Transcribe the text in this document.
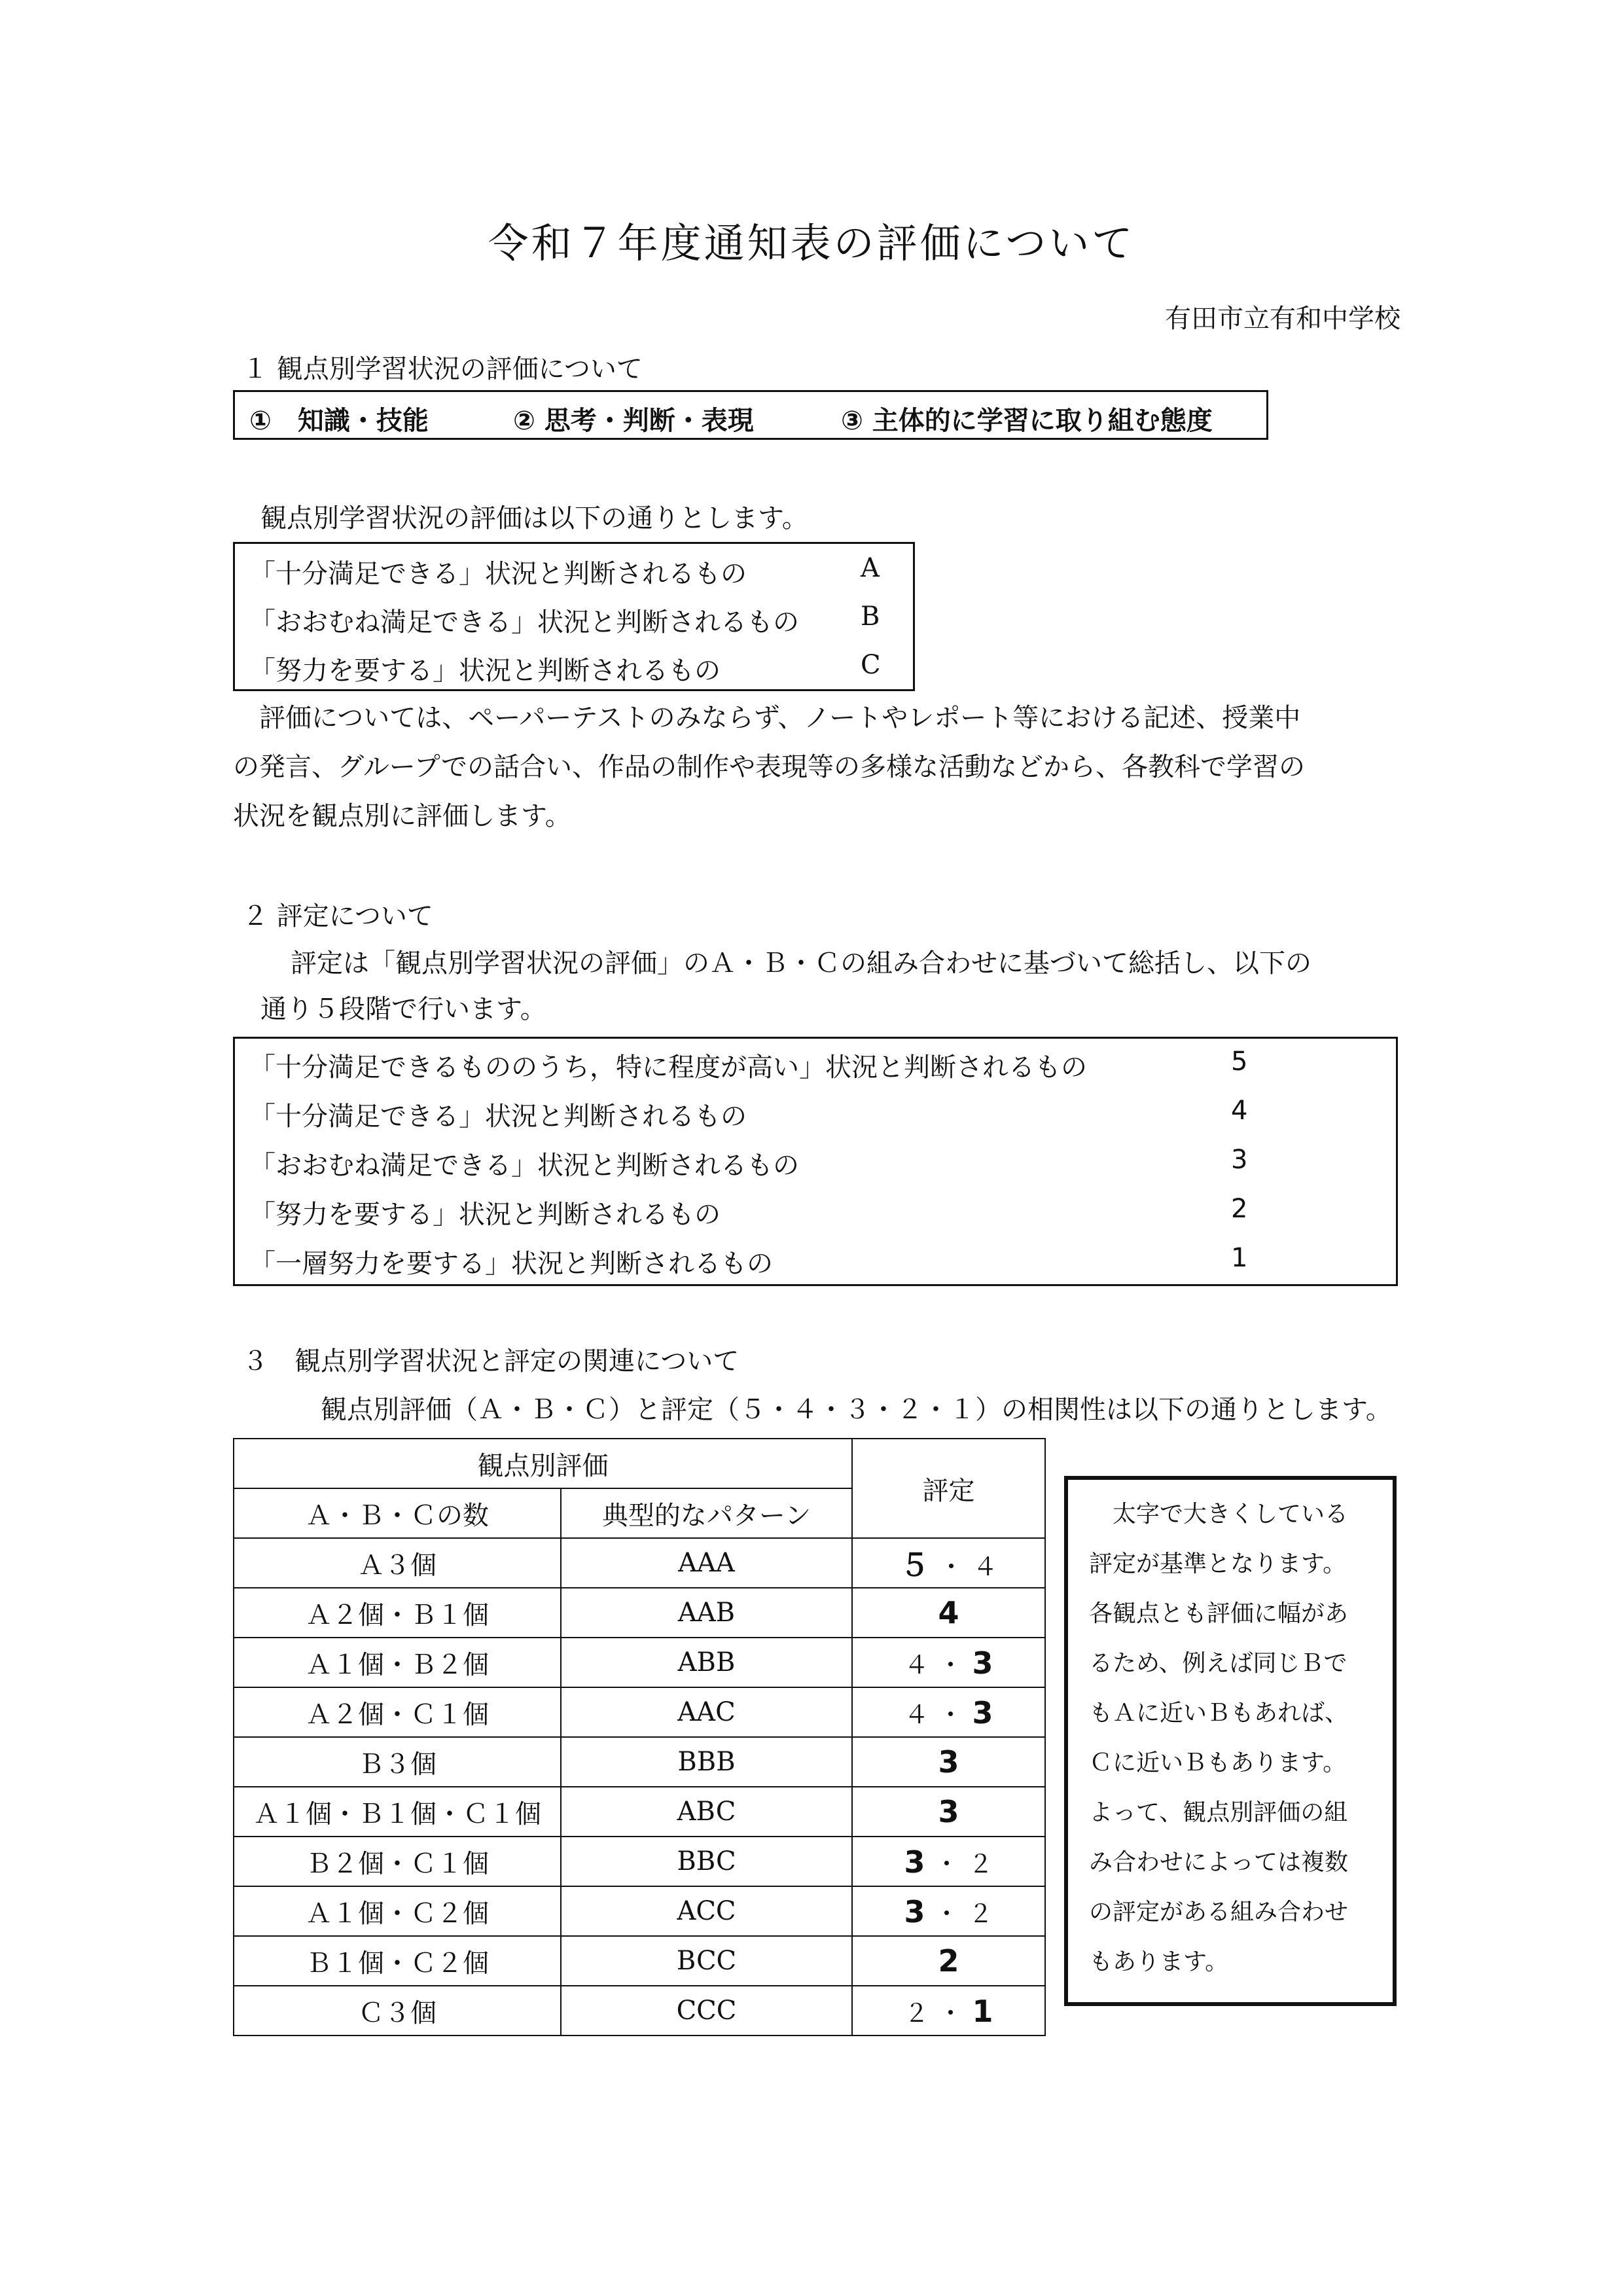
令和７年度通知表の評価について
有田市立有和中学校
１ 観点別学習状況の評価について
①　知識・技能	② 思考・判断・表現	③ 主体的に学習に取り組む態度
観点別学習状況の評価は以下の通りとします。
「十分満足できる」状況と判断されるもの	A
「おおむね満足できる」状況と判断されるもの B
「努力を要する」状況と判断されるもの	C
　評価については、ペーパーテストのみならず、ノートやレポート等における記述、授業中
の発言、グループでの話合い、作品の制作や表現等の多様な活動などから、各教科で学習の
状況を観点別に評価します。
２ 評定について
評定は「観点別学習状況の評価」のＡ・Ｂ・Ｃの組み合わせに基づいて総括し、以下の
通り５段階で行います。
「十分満足できるもののうち，特に程度が高い」状況と判断されるもの	5
「十分満足できる」状況と判断されるもの	4
「おおむね満足できる」状況と判断されるもの	3
「努力を要する」状況と判断されるもの	2
「一層努力を要する」状況と判断されるもの	1
３　観点別学習状況と評定の関連について
観点別評価（Ａ・Ｂ・Ｃ）と評定（５・４・３・２・１）の相関性は以下の通りとします。
観点別評価		評定
Ａ・Ｂ・Ｃの数	典型的なパターン	
Ａ３個	AAA	５ ・ ４
Ａ２個・Ｂ１個	AAB	4
Ａ１個・Ｂ２個	ABB	４ ・ 3
Ａ２個・Ｃ１個	AAC	４ ・ 3
Ｂ３個	BBB	3
Ａ１個・Ｂ１個・Ｃ１個	ABC	3
Ｂ２個・Ｃ１個	BBC	3 ・ ２
Ａ１個・Ｃ２個	ACC	3 ・ ２
Ｂ１個・Ｃ２個	BCC	2
Ｃ３個	CCC	２ ・ 1
　太字で大きくしている
評定が基準となります。
各観点とも評価に幅があ
るため、例えば同じＢで
もＡに近いＢもあれば、
Ｃに近いＢもあります。
よって、観点別評価の組
み合わせによっては複数
の評定がある組み合わせ
もあります。
